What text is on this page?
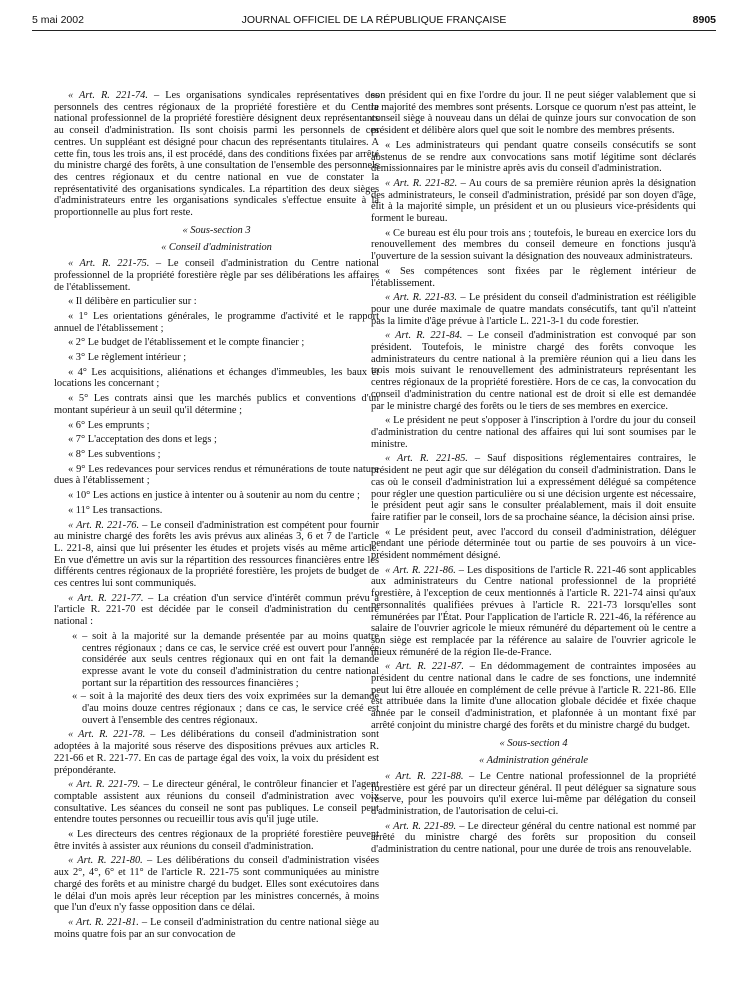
5 mai 2002	JOURNAL OFFICIEL DE LA RÉPUBLIQUE FRANÇAISE	8905

« Art. R. 221-74. – Les organisations syndicales représentatives des personnels des centres régionaux de la propriété forestière et du Centre national professionnel de la propriété forestière désignent deux représentants au conseil d'administration. Ils sont choisis parmi les personnels de ces centres. Un suppléant est désigné pour chacun des représentants titulaires. A cette fin, tous les trois ans, il est procédé, dans des conditions fixées par arrêté du ministre chargé des forêts, à une consultation de l'ensemble des personnels des centres régionaux et du centre national en vue de constater la représentativité des organisations syndicales. La répartition des deux sièges d'administrateurs entre les organisations syndicales s'effectue ensuite à la proportionnelle au plus fort reste.

« Sous-section 3

« Conseil d'administration

« Art. R. 221-75. – Le conseil d'administration du Centre national professionnel de la propriété forestière règle par ses délibérations les affaires de l'établissement.

« Il délibère en particulier sur :

« 1° Les orientations générales, le programme d'activité et le rapport annuel de l'établissement ;

« 2° Le budget de l'établissement et le compte financier ;

« 3° Le règlement intérieur ;

« 4° Les acquisitions, aliénations et échanges d'immeubles, les baux et locations les concernant ;

« 5° Les contrats ainsi que les marchés publics et conventions d'un montant supérieur à un seuil qu'il détermine ;

« 6° Les emprunts ;

« 7° L'acceptation des dons et legs ;

« 8° Les subventions ;

« 9° Les redevances pour services rendus et rémunérations de toute nature dues à l'établissement ;

« 10° Les actions en justice à intenter ou à soutenir au nom du centre ;

« 11° Les transactions.

« Art. R. 221-76. – Le conseil d'administration est compétent pour fournir au ministre chargé des forêts les avis prévus aux alinéas 3, 6 et 7 de l'article L. 221-8, ainsi que lui présenter les études et projets visés au même article. En vue d'émettre un avis sur la répartition des ressources financières entre les différents centres régionaux de la propriété forestière, les projets de budget de ces centres lui sont communiqués.

« Art. R. 221-77. – La création d'un service d'intérêt commun prévu à l'article R. 221-70 est décidée par le conseil d'administration du centre national :

« – soit à la majorité sur la demande présentée par au moins quatre centres régionaux ; dans ce cas, le service créé est ouvert pour l'année considérée aux seuls centres régionaux qui en ont fait la demande expresse avant le vote du conseil d'administration du centre national portant sur la répartition des ressources financières ;
« – soit à la majorité des deux tiers des voix exprimées sur la demande d'au moins douze centres régionaux ; dans ce cas, le service créé est ouvert à l'ensemble des centres régionaux.

« Art. R. 221-78. – Les délibérations du conseil d'administration sont adoptées à la majorité sous réserve des dispositions prévues aux articles R. 221-66 et R. 221-77. En cas de partage égal des voix, la voix du président est prépondérante.

« Art. R. 221-79. – Le directeur général, le contrôleur financier et l'agent comptable assistent aux réunions du conseil d'administration avec voix consultative. Les séances du conseil ne sont pas publiques. Le conseil peut entendre toutes personnes ou recueillir tous avis qu'il juge utile.

« Les directeurs des centres régionaux de la propriété forestière peuvent être invités à assister aux réunions du conseil d'administration.

« Art. R. 221-80. – Les délibérations du conseil d'administration visées aux 2°, 4°, 6° et 11° de l'article R. 221-75 sont communiquées au ministre chargé des forêts et au ministre chargé du budget. Elles sont exécutoires dans le délai d'un mois après leur réception par les ministres concernés, à moins que l'un d'eux n'y fasse opposition dans ce délai.

« Art. R. 221-81. – Le conseil d'administration du centre national siège au moins quatre fois par an sur convocation de

son président qui en fixe l'ordre du jour. Il ne peut siéger valablement que si la majorité des membres sont présents. Lorsque ce quorum n'est pas atteint, le conseil siège à nouveau dans un délai de quinze jours sur convocation de son président et délibère alors quel que soit le nombre des membres présents.

« Les administrateurs qui pendant quatre conseils consécutifs se sont abstenus de se rendre aux convocations sans motif légitime sont déclarés démissionnaires par le ministre après avis du conseil d'administration.

« Art. R. 221-82. – Au cours de sa première réunion après la désignation des administrateurs, le conseil d'administration, présidé par son doyen d'âge, élit à la majorité simple, un président et un ou plusieurs vice-présidents qui forment le bureau.

« Ce bureau est élu pour trois ans ; toutefois, le bureau en exercice lors du renouvellement des membres du conseil demeure en fonctions jusqu'à l'ouverture de la session suivant la désignation des nouveaux administrateurs.

« Ses compétences sont fixées par le règlement intérieur de l'établissement.

« Art. R. 221-83. – Le président du conseil d'administration est rééligible pour une durée maximale de quatre mandats consécutifs, tant qu'il n'atteint pas la limite d'âge prévue à l'article L. 221-3-1 du code forestier.

« Art. R. 221-84. – Le conseil d'administration est convoqué par son président. Toutefois, le ministre chargé des forêts convoque les administrateurs du centre national à la première réunion qui a lieu dans les trois mois suivant le renouvellement des administrateurs représentant les centres régionaux de la propriété forestière. Hors de ce cas, la convocation du conseil d'administration du centre national est de droit si elle est demandée par le ministre chargé des forêts ou le tiers de ses membres en exercice.

« Le président ne peut s'opposer à l'inscription à l'ordre du jour du conseil d'administration du centre national des affaires qui lui sont soumises par le ministre.

« Art. R. 221-85. – Sauf dispositions réglementaires contraires, le président ne peut agir que sur délégation du conseil d'administration. Dans le cas où le conseil d'administration lui a expressément délégué sa compétence pour régler une question particulière ou si une décision urgente est nécessaire, le président peut agir sans le consulter préalablement, mais il doit ensuite faire ratifier par le conseil, lors de sa prochaine séance, la décision ainsi prise.

« Le président peut, avec l'accord du conseil d'administration, déléguer pendant une période déterminée tout ou partie de ses pouvoirs à un vice-président nommément désigné.

« Art. R. 221-86. – Les dispositions de l'article R. 221-46 sont applicables aux administrateurs du Centre national professionnel de la propriété forestière, à l'exception de ceux mentionnés à l'article R. 221-74 ainsi qu'aux personnalités qualifiées prévues à l'article R. 221-73 lorsqu'elles sont rémunérées par l'État. Pour l'application de l'article R. 221-46, la référence au salaire de l'ouvrier agricole le mieux rémunéré du département où le centre a son siège est remplacée par la référence au salaire de l'ouvrier agricole le mieux rémunéré de la région Ile-de-France.

« Art. R. 221-87. – En dédommagement de contraintes imposées au président du centre national dans le cadre de ses fonctions, une indemnité peut lui être allouée en complément de celle prévue à l'article R. 221-86. Elle est attribuée dans la limite d'une allocation globale décidée et fixée chaque année par le conseil d'administration, et plafonnée à un montant fixé par arrêté conjoint du ministre chargé des forêts et du ministre chargé du budget.

« Sous-section 4

« Administration générale

« Art. R. 221-88. – Le Centre national professionnel de la propriété forestière est géré par un directeur général. Il peut déléguer sa signature sous réserve, pour les pouvoirs qu'il exerce lui-même par délégation du conseil d'administration, de l'autorisation de celui-ci.

« Art. R. 221-89. – Le directeur général du centre national est nommé par arrêté du ministre chargé des forêts sur proposition du conseil d'administration du centre national, pour une durée de trois ans renouvelable.
